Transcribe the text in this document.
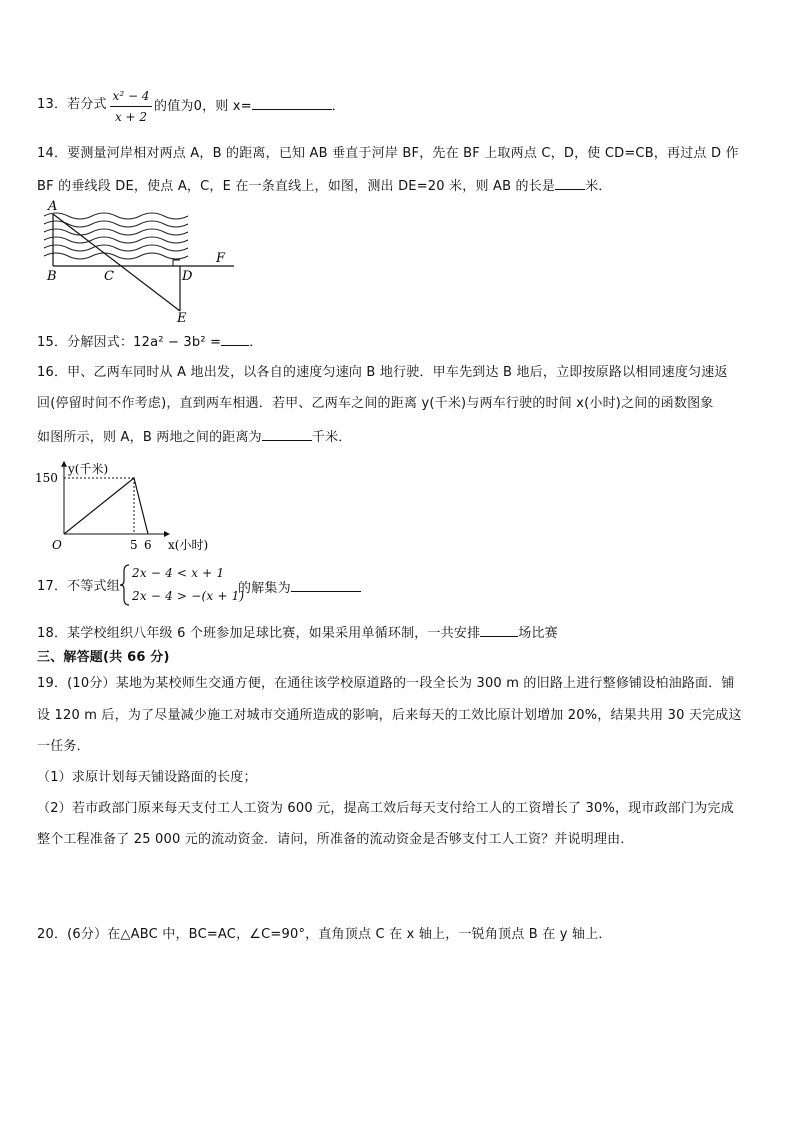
13．若分式
x² − 4
x + 2
的值为0，则 x=	．
14．要测量河岸相对两点 A，B 的距离，已知 AB 垂直于河岸 BF，先在 BF 上取两点 C，D，使 CD=CB，再过点 D 作
BF 的垂线段 DE，使点 A，C，E 在一条直线上，如图，测出 DE=20 米，则 AB 的长是 米．
A
B	C	D
E
F
15．分解因式：12a² − 3b² = ．
16．甲、乙两车同时从 A 地出发，以各自的速度匀速向 B 地行驶．甲车先到达 B 地后，立即按原路以相同速度匀速返
回(停留时间不作考虑)，直到两车相遇．若甲、乙两车之间的距离 y(千米)与两车行驶的时间 x(小时)之间的函数图象
如图所示，则 A，B 两地之间的距离为	千米．
5 6
150
y(千米)
x(小时)
O
17．不等式组
2x − 4 < x + 1
2x − 4 > −(x + 1)
的解集为
18．某学校组织八年级 6 个班参加足球比赛，如果采用单循环制，一共安排	场比赛
三、解答题(共 66 分)
19．(10分）某地为某校师生交通方便，在通往该学校原道路的一段全长为 300 m 的旧路上进行整修铺设柏油路面．铺
设 120 m 后，为了尽量减少施工对城市交通所造成的影响，后来每天的工效比原计划增加 20%，结果共用 30 天完成这
一任务．
（1）求原计划每天铺设路面的长度；
（2）若市政部门原来每天支付工人工资为 600 元，提高工效后每天支付给工人的工资增长了 30%，现市政部门为完成
整个工程准备了 25 000 元的流动资金．请问，所准备的流动资金是否够支付工人工资？并说明理由．
20．(6分）在△ABC 中，BC=AC，∠C=90°，直角顶点 C 在 x 轴上，一锐角顶点 B 在 y 轴上．
